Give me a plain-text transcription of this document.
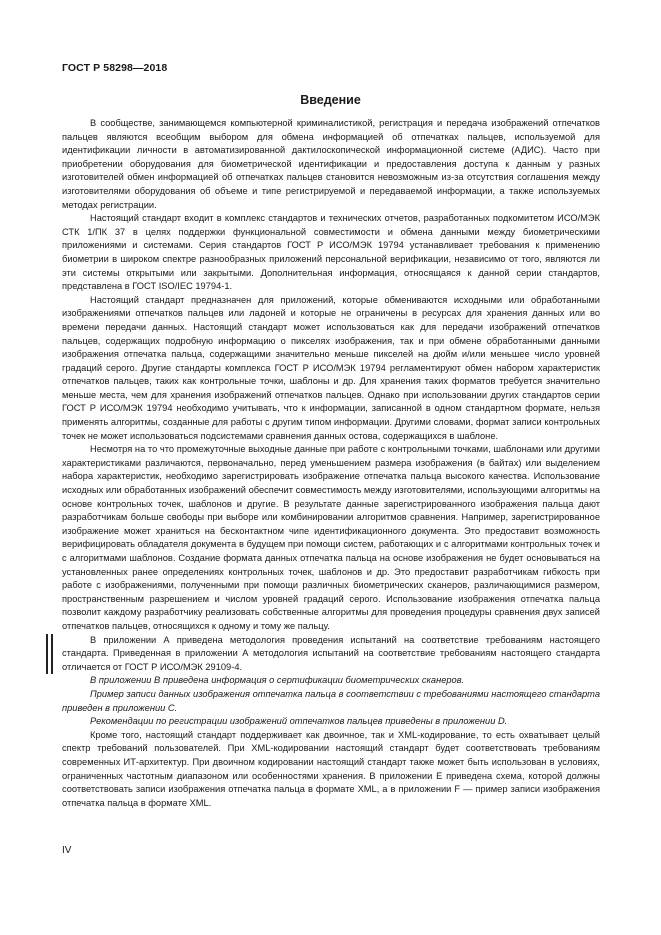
ГОСТ Р 58298—2018
Введение

В сообществе, занимающемся компьютерной криминалистикой, регистрация и передача изображений отпечатков пальцев являются всеобщим выбором для обмена информацией об отпечатках пальцев, используемой для идентификации личности в автоматизированной дактилоскопической информационной системе (АДИС). Часто при приобретении оборудования для биометрической идентификации и предоставления доступа к данным у разных изготовителей обмен информацией об отпечатках пальцев становится невозможным из-за отсутствия соглашения между изготовителями оборудования об объеме и типе регистрируемой и передаваемой информации, а также используемых методах регистрации.

Настоящий стандарт входит в комплекс стандартов и технических отчетов, разработанных подкомитетом ИСО/МЭК СТК 1/ПК 37 в целях поддержки функциональной совместимости и обмена данными между биометрическими приложениями и системами. Серия стандартов ГОСТ Р ИСО/МЭК 19794 устанавливает требования к применению биометрии в широком спектре разнообразных приложений персональной верификации, независимо от того, являются ли эти системы открытыми или закрытыми. Дополнительная информация, относящаяся к данной серии стандартов, представлена в ГОСТ ISO/IEC 19794-1.

Настоящий стандарт предназначен для приложений, которые обмениваются исходными или обработанными изображениями отпечатков пальцев или ладоней и которые не ограничены в ресурсах для хранения данных или во времени передачи данных. Настоящий стандарт может использоваться как для передачи изображений отпечатков пальцев, содержащих подробную информацию о пикселях изображения, так и при обмене обработанными данными изображения отпечатка пальца, содержащими значительно меньше пикселей на дюйм и/или меньшее число уровней градаций серого. Другие стандарты комплекса ГОСТ Р ИСО/МЭК 19794 регламентируют обмен набором характеристик отпечатков пальцев, таких как контрольные точки, шаблоны и др. Для хранения таких форматов требуется значительно меньше места, чем для хранения изображений отпечатков пальцев. Однако при использовании других стандартов серии ГОСТ Р ИСО/МЭК 19794 необходимо учитывать, что к информации, записанной в одном стандартном формате, нельзя применять алгоритмы, созданные для работы с другим типом информации. Другими словами, формат записи контрольных точек не может использоваться подсистемами сравнения данных остова, содержащихся в шаблоне.

Несмотря на то что промежуточные выходные данные при работе с контрольными точками, шаблонами или другими характеристиками различаются, первоначально, перед уменьшением размера изображения (в байтах) или выделением набора характеристик, необходимо зарегистрировать изображение отпечатка пальца высокого качества. Использование исходных или обработанных изображений обеспечит совместимость между изготовителями, использующими алгоритмы на основе контрольных точек, шаблонов и другие. В результате данные зарегистрированного изображения пальца дают разработчикам больше свободы при выборе или комбинировании алгоритмов сравнения. Например, зарегистрированное изображение может храниться на бесконтактном чипе идентификационного документа. Это предоставит возможность верифицировать обладателя документа в будущем при помощи систем, работающих и с алгоритмами контрольных точек и с алгоритмами шаблонов. Создание формата данных отпечатка пальца на основе изображения не будет основываться на установленных ранее определениях контрольных точек, шаблонов и др. Это предоставит разработчикам гибкость при работе с изображениями, полученными при помощи различных биометрических сканеров, различающимися размером, пространственным разрешением и числом уровней градаций серого. Использование изображения отпечатка пальца позволит каждому разработчику реализовать собственные алгоритмы для проведения процедуры сравнения двух записей отпечатков пальцев, относящихся к одному и тому же пальцу.

В приложении А приведена методология проведения испытаний на соответствие требованиям настоящего стандарта. Приведенная в приложении А методология испытаний на соответствие требованиям настоящего стандарта отличается от ГОСТ Р ИСО/МЭК 29109-4.

В приложении В приведена информация о сертификации биометрических сканеров.

Пример записи данных изображения отпечатка пальца в соответствии с требованиями настоящего стандарта приведен в приложении С.

Рекомендации по регистрации изображений отпечатков пальцев приведены в приложении D.

Кроме того, настоящий стандарт поддерживает как двоичное, так и XML-кодирование, то есть охватывает целый спектр требований пользователей. При XML-кодировании настоящий стандарт будет соответствовать требованиям современных ИТ-архитектур. При двоичном кодировании настоящий стандарт также может быть использован в условиях, ограниченных частотным диапазоном или особенностями хранения. В приложении Е приведена схема, которой должны соответствовать записи изображения отпечатка пальца в формате XML, а в приложении F — пример записи изображения отпечатка пальца в формате XML.

IV
